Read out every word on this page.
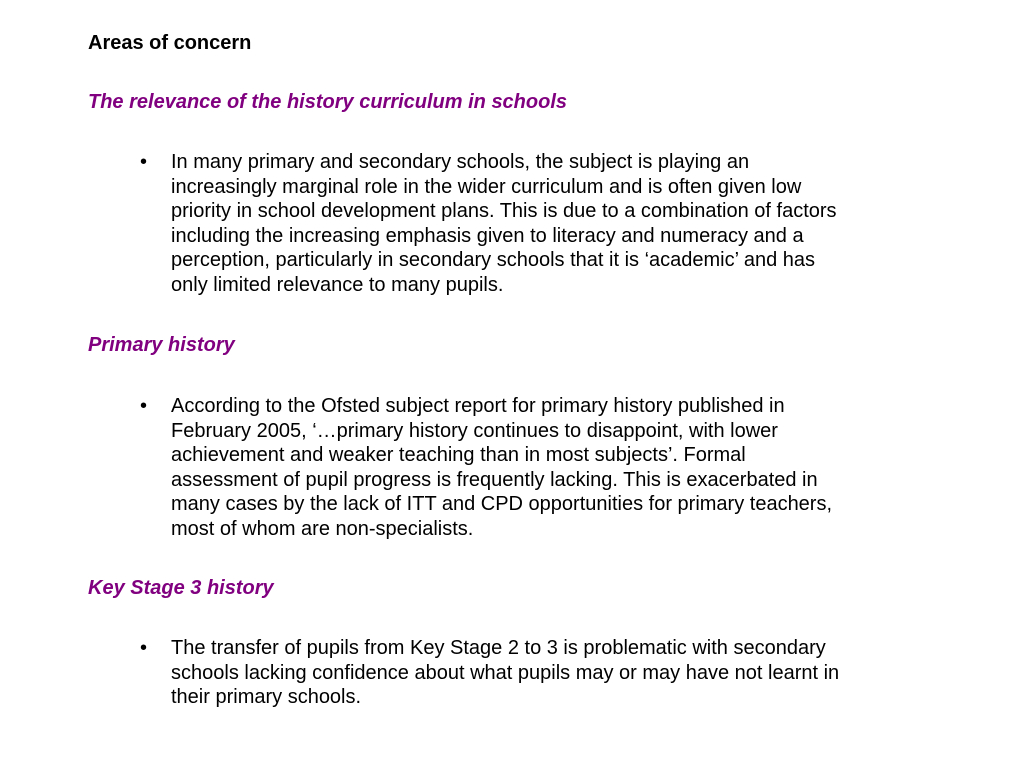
Areas of concern
The relevance of the history curriculum in schools
•	In many primary and secondary schools, the subject is playing an
increasingly marginal role in the wider curriculum and is often given low
priority in school development plans. This is due to a combination of factors
including the increasing emphasis given to literacy and numeracy and a
perception, particularly in secondary schools that it is ‘academic’ and has
only limited relevance to many pupils.
Primary history
•	According to the Ofsted subject report for primary history published in
February 2005, ‘…primary history continues to disappoint, with lower
achievement and weaker teaching than in most subjects’. Formal
assessment of pupil progress is frequently lacking. This is exacerbated in
many cases by the lack of ITT and CPD opportunities for primary teachers,
most of whom are non-specialists.
Key Stage 3 history
•	The transfer of pupils from Key Stage 2 to 3 is problematic with secondary
schools lacking confidence about what pupils may or may have not learnt in
their primary schools.
